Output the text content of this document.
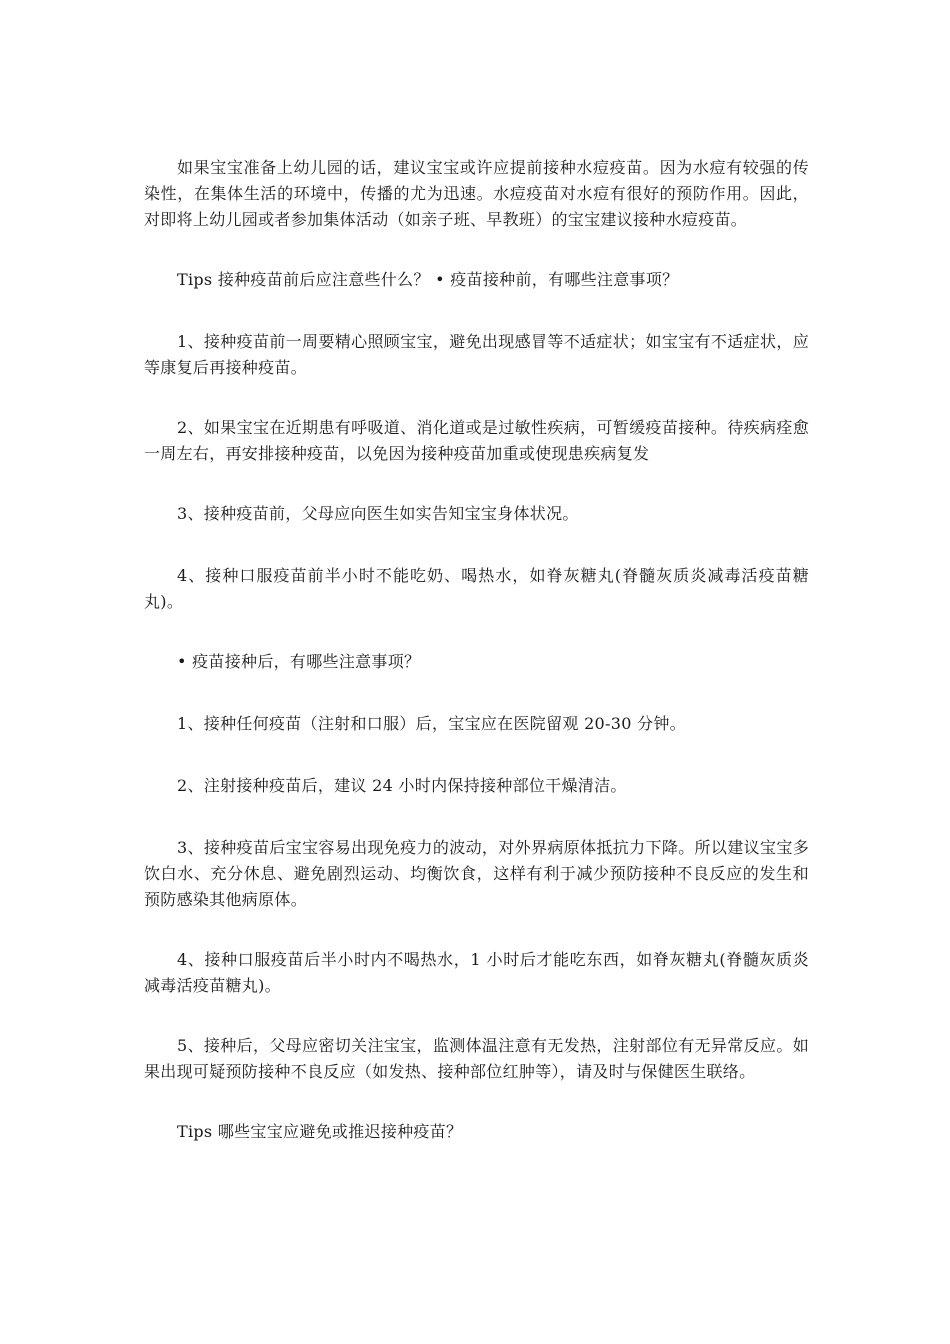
如果宝宝准备上幼儿园的话，建议宝宝或许应提前接种水痘疫苗。因为水痘有较强的传染性，在集体生活的环境中，传播的尤为迅速。水痘疫苗对水痘有很好的预防作用。因此，对即将上幼儿园或者参加集体活动（如亲子班、早教班）的宝宝建议接种水痘疫苗。

Tips 接种疫苗前后应注意些什么？ • 疫苗接种前，有哪些注意事项？

1、接种疫苗前一周要精心照顾宝宝，避免出现感冒等不适症状；如宝宝有不适症状，应等康复后再接种疫苗。

2、如果宝宝在近期患有呼吸道、消化道或是过敏性疾病，可暂缓疫苗接种。待疾病痊愈一周左右，再安排接种疫苗，以免因为接种疫苗加重或使现患疾病复发

3、接种疫苗前，父母应向医生如实告知宝宝身体状况。

4、接种口服疫苗前半小时不能吃奶、喝热水，如脊灰糖丸(脊髓灰质炎减毒活疫苗糖丸)。

• 疫苗接种后，有哪些注意事项？

1、接种任何疫苗（注射和口服）后，宝宝应在医院留观 20-30 分钟。

2、注射接种疫苗后，建议 24 小时内保持接种部位干燥清洁。

3、接种疫苗后宝宝容易出现免疫力的波动，对外界病原体抵抗力下降。所以建议宝宝多饮白水、充分休息、避免剧烈运动、均衡饮食，这样有利于减少预防接种不良反应的发生和预防感染其他病原体。

4、接种口服疫苗后半小时内不喝热水，1 小时后才能吃东西，如脊灰糖丸(脊髓灰质炎减毒活疫苗糖丸)。

5、接种后，父母应密切关注宝宝，监测体温注意有无发热，注射部位有无异常反应。如果出现可疑预防接种不良反应（如发热、接种部位红肿等），请及时与保健医生联络。

Tips 哪些宝宝应避免或推迟接种疫苗？
